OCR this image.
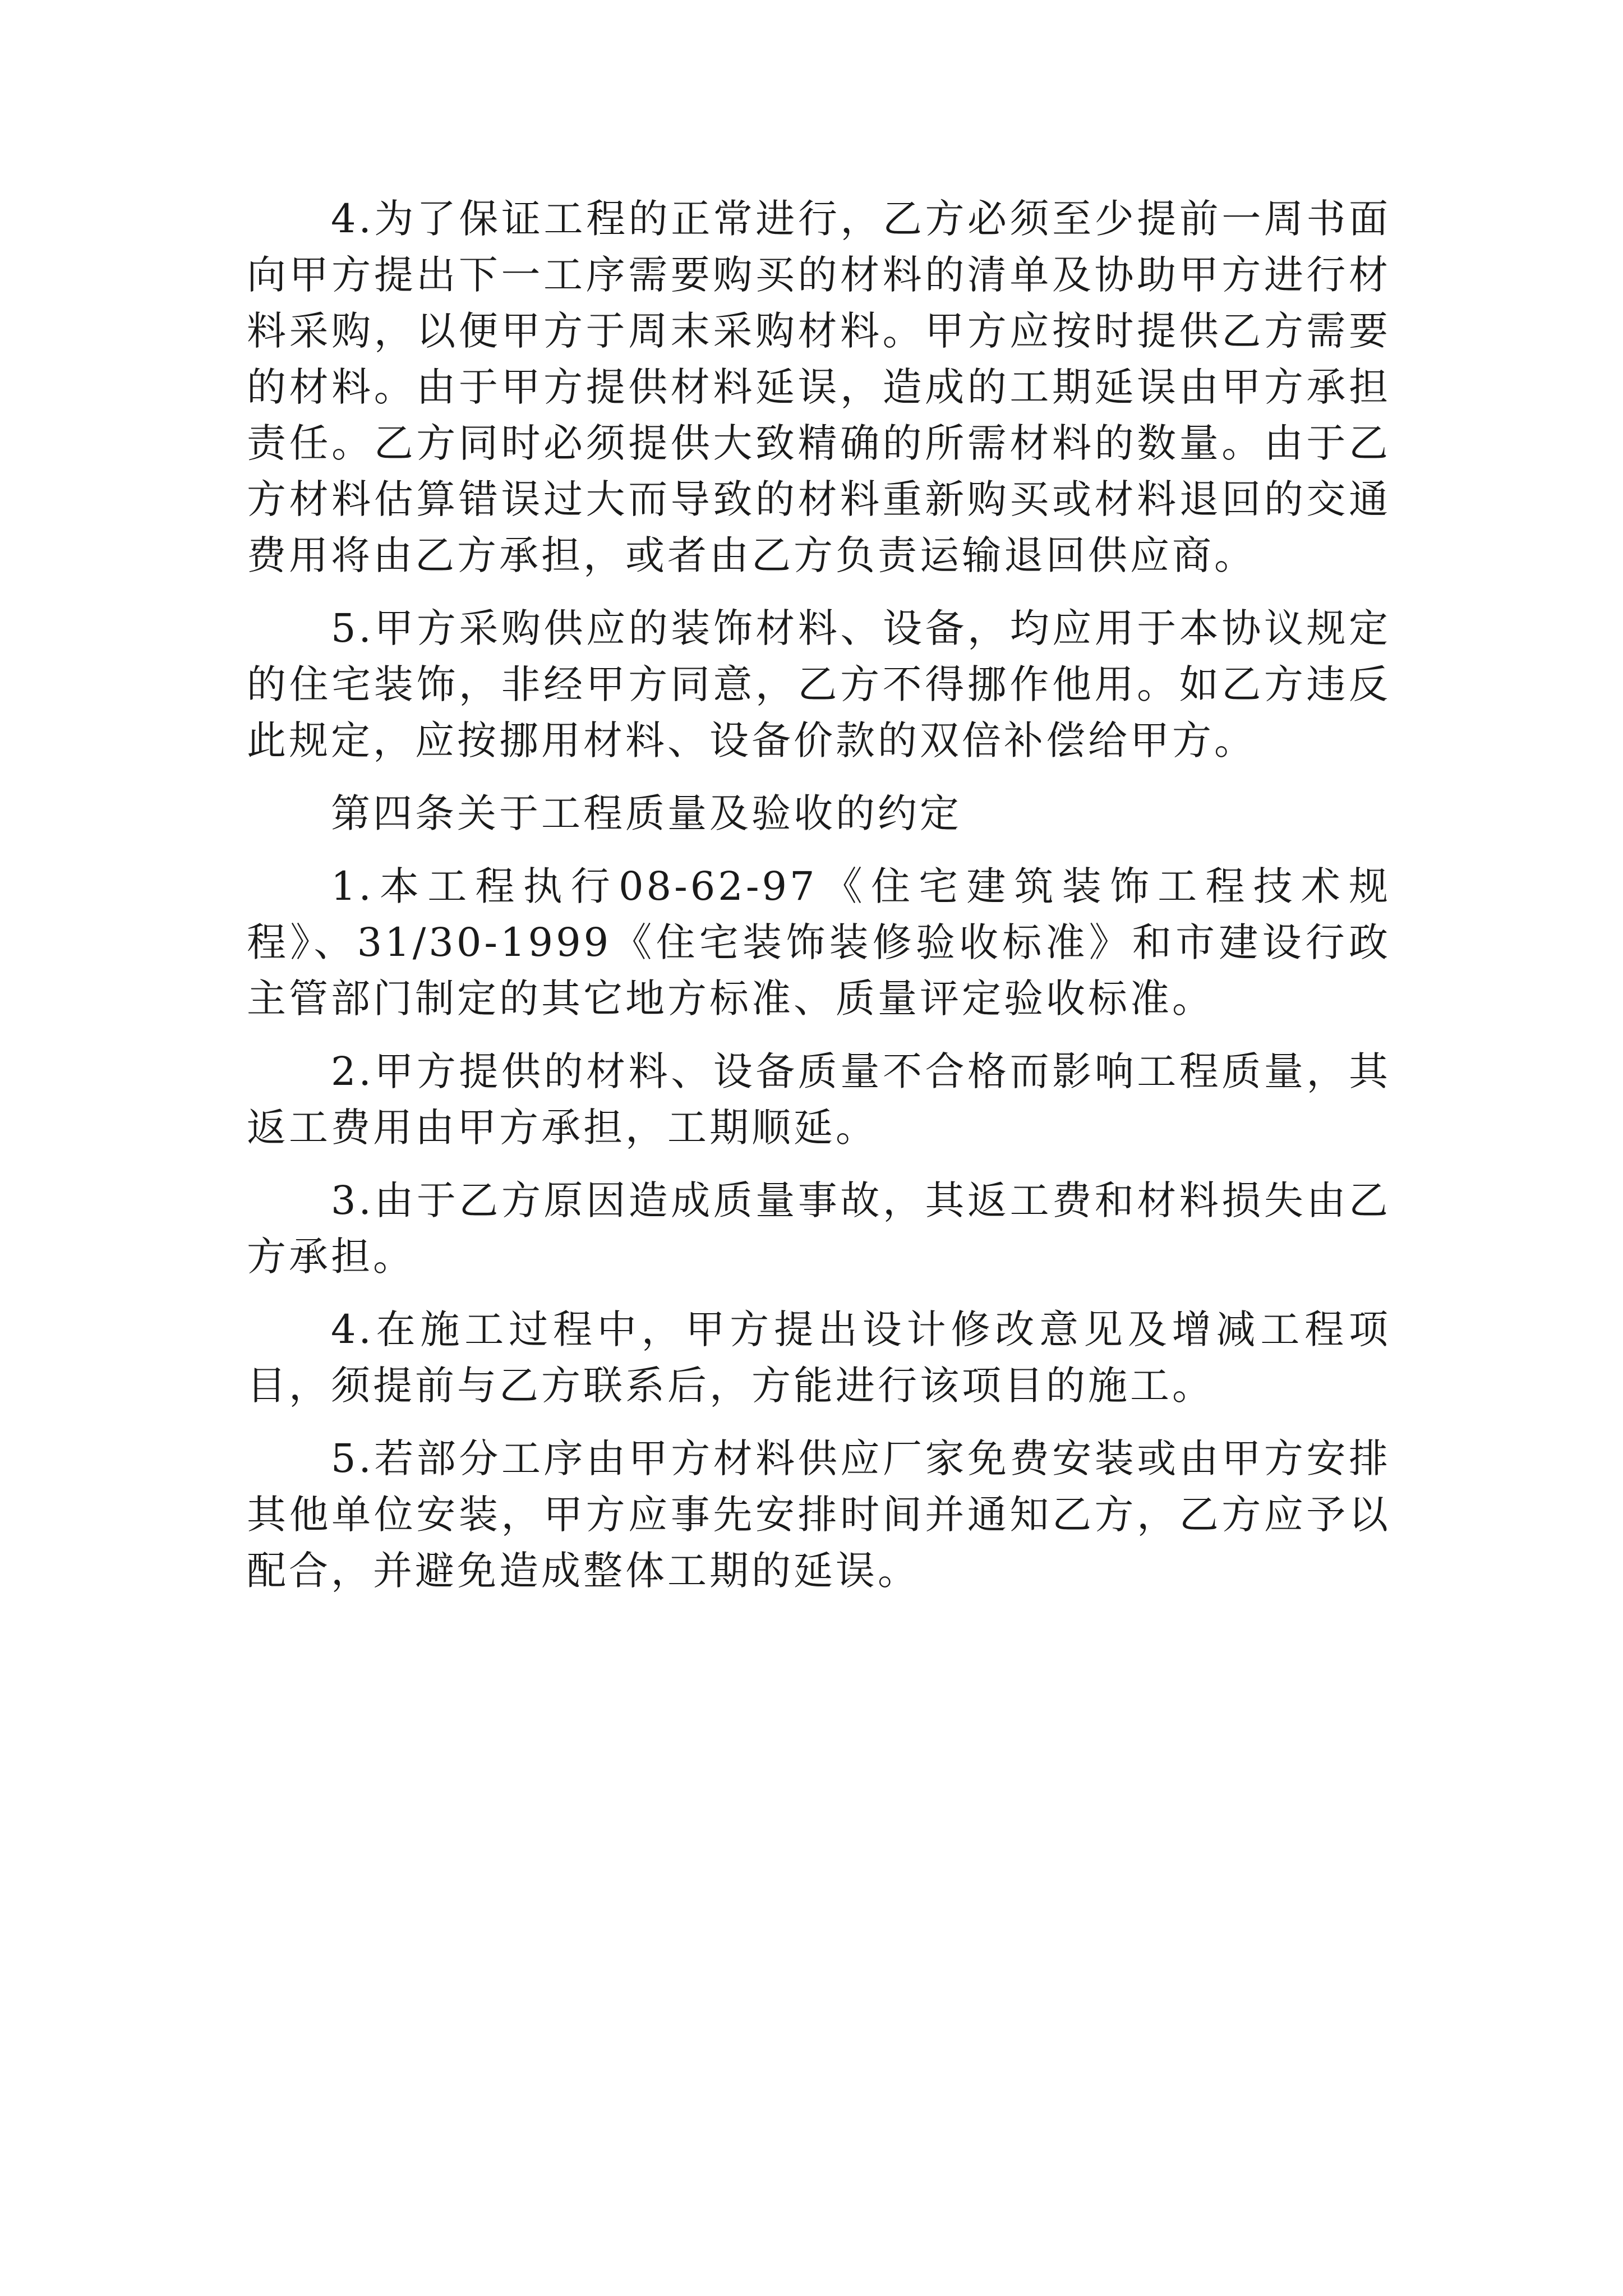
4.为了保证工程的正常进行，乙方必须至少提前一周书面向甲方提出下一工序需要购买的材料的清单及协助甲方进行材料采购，以便甲方于周末采购材料。甲方应按时提供乙方需要的材料。由于甲方提供材料延误，造成的工期延误由甲方承担责任。乙方同时必须提供大致精确的所需材料的数量。由于乙方材料估算错误过大而导致的材料重新购买或材料退回的交通费用将由乙方承担，或者由乙方负责运输退回供应商。

5.甲方采购供应的装饰材料、设备，均应用于本协议规定的住宅装饰，非经甲方同意，乙方不得挪作他用。如乙方违反此规定，应按挪用材料、设备价款的双倍补偿给甲方。

第四条关于工程质量及验收的约定

1.本工程执行08-62-97《住宅建筑装饰工程技术规程》、31/30-1999《住宅装饰装修验收标准》和市建设行政主管部门制定的其它地方标准、质量评定验收标准。

2.甲方提供的材料、设备质量不合格而影响工程质量，其返工费用由甲方承担，工期顺延。

3.由于乙方原因造成质量事故，其返工费和材料损失由乙方承担。

4.在施工过程中，甲方提出设计修改意见及增减工程项目，须提前与乙方联系后，方能进行该项目的施工。

5.若部分工序由甲方材料供应厂家免费安装或由甲方安排其他单位安装，甲方应事先安排时间并通知乙方，乙方应予以配合，并避免造成整体工期的延误。
